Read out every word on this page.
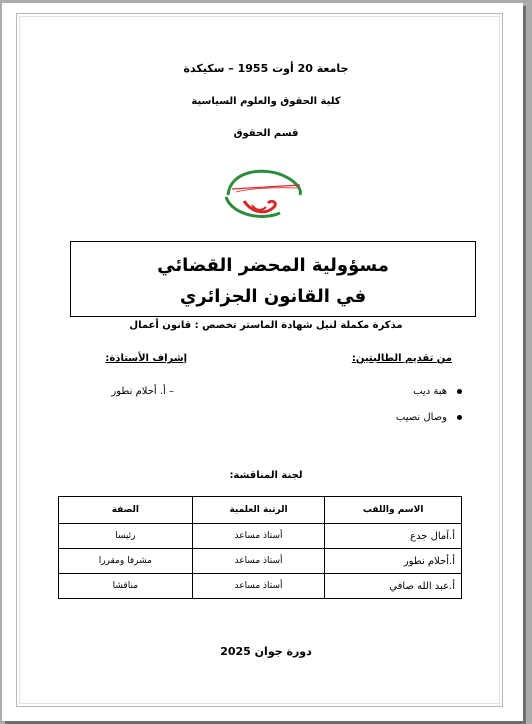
جامعة 20 أوت 1955 – سكيكدة
كلية الحقوق والعلوم السياسية
قسم الحقوق
مسؤولية المحضر القضائي
في القانون الجزائري
مذكرة مكملة لنيل شهادة الماستر تخصص : قانون أعمال
من تقديم الطالبتين:
إشراف الأستاذة:
هبة ديب
وصال نصيب
– أ. أحلام نطور
لجنة المناقشة:
الاسم واللقب	الرتبة العلمية	الصفة
أ.آمال جدع	أستاذ مساعد	رئيسا
أ.أحلام نطور	أستاذ مساعد	مشرفا ومقررا
أ.عبد الله صافي	أستاذ مساعد	مناقشا
دورة جوان 2025
